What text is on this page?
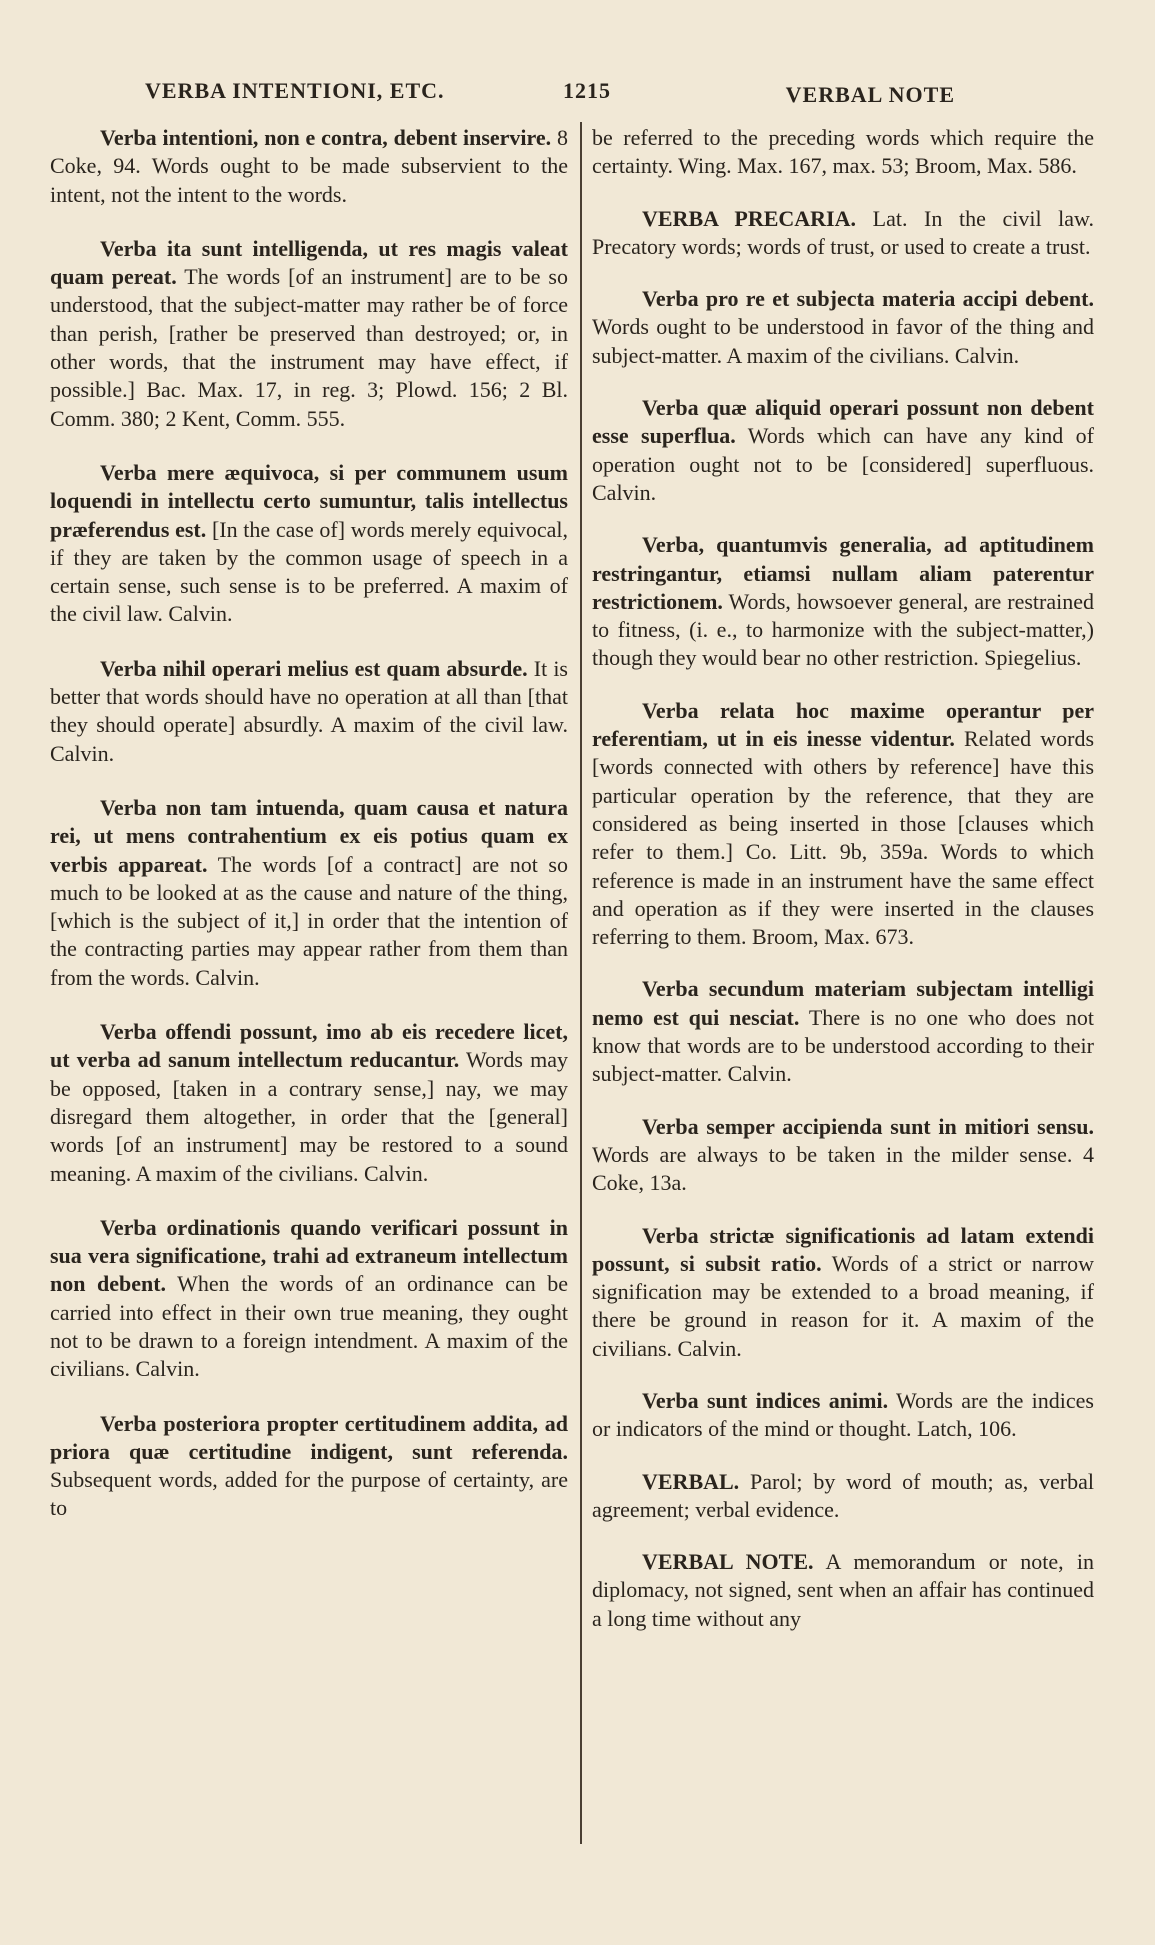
VERBA INTENTIONI, ETC.	1215	VERBAL NOTE

Verba intentioni, non e contra, debent inservire. 8 Coke, 94. Words ought to be made subservient to the intent, not the intent to the words.

Verba ita sunt intelligenda, ut res magis valeat quam pereat. The words [of an instrument] are to be so understood, that the subject-matter may rather be of force than perish, [rather be preserved than destroyed; or, in other words, that the instrument may have effect, if possible.] Bac. Max. 17, in reg. 3; Plowd. 156; 2 Bl. Comm. 380; 2 Kent, Comm. 555.

Verba mere æquivoca, si per communem usum loquendi in intellectu certo sumuntur, talis intellectus præferendus est. [In the case of] words merely equivocal, if they are taken by the common usage of speech in a certain sense, such sense is to be preferred. A maxim of the civil law. Calvin.

Verba nihil operari melius est quam absurde. It is better that words should have no operation at all than [that they should operate] absurdly. A maxim of the civil law. Calvin.

Verba non tam intuenda, quam causa et natura rei, ut mens contrahentium ex eis potius quam ex verbis appareat. The words [of a contract] are not so much to be looked at as the cause and nature of the thing, [which is the subject of it,] in order that the intention of the contracting parties may appear rather from them than from the words. Calvin.

Verba offendi possunt, imo ab eis recedere licet, ut verba ad sanum intellectum reducantur. Words may be opposed, [taken in a contrary sense,] nay, we may disregard them altogether, in order that the [general] words [of an instrument] may be restored to a sound meaning. A maxim of the civilians. Calvin.

Verba ordinationis quando verificari possunt in sua vera significatione, trahi ad extraneum intellectum non debent. When the words of an ordinance can be carried into effect in their own true meaning, they ought not to be drawn to a foreign intendment. A maxim of the civilians. Calvin.

Verba posteriora propter certitudinem addita, ad priora quæ certitudine indigent, sunt referenda. Subsequent words, added for the purpose of certainty, are to

be referred to the preceding words which require the certainty. Wing. Max. 167, max. 53; Broom, Max. 586.

VERBA PRECARIA. Lat. In the civil law. Precatory words; words of trust, or used to create a trust.

Verba pro re et subjecta materia accipi debent. Words ought to be understood in favor of the thing and subject-matter. A maxim of the civilians. Calvin.

Verba quæ aliquid operari possunt non debent esse superflua. Words which can have any kind of operation ought not to be [considered] superfluous. Calvin.

Verba, quantumvis generalia, ad aptitudinem restringantur, etiamsi nullam aliam paterentur restrictionem. Words, howsoever general, are restrained to fitness, (i. e., to harmonize with the subject-matter,) though they would bear no other restriction. Spiegelius.

Verba relata hoc maxime operantur per referentiam, ut in eis inesse videntur. Related words [words connected with others by reference] have this particular operation by the reference, that they are considered as being inserted in those [clauses which refer to them.] Co. Litt. 9b, 359a. Words to which reference is made in an instrument have the same effect and operation as if they were inserted in the clauses referring to them. Broom, Max. 673.

Verba secundum materiam subjectam intelligi nemo est qui nesciat. There is no one who does not know that words are to be understood according to their subject-matter. Calvin.

Verba semper accipienda sunt in mitiori sensu. Words are always to be taken in the milder sense. 4 Coke, 13a.

Verba strictæ significationis ad latam extendi possunt, si subsit ratio. Words of a strict or narrow signification may be extended to a broad meaning, if there be ground in reason for it. A maxim of the civilians. Calvin.

Verba sunt indices animi. Words are the indices or indicators of the mind or thought. Latch, 106.

VERBAL. Parol; by word of mouth; as, verbal agreement; verbal evidence.

VERBAL NOTE. A memorandum or note, in diplomacy, not signed, sent when an affair has continued a long time without any
